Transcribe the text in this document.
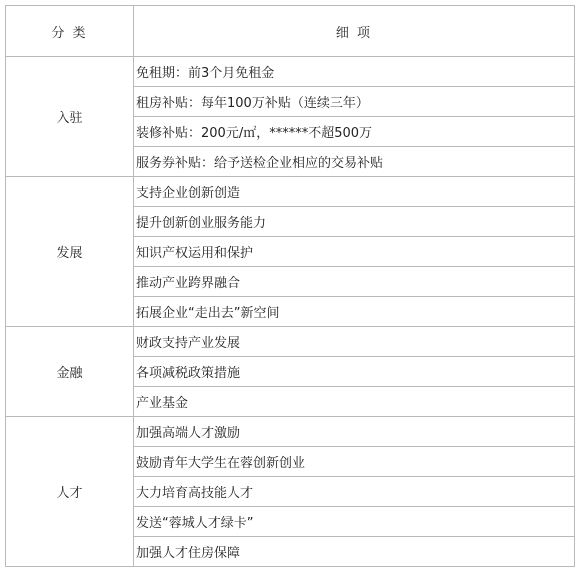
分 类	细 项
入驻	免租期：前3个月免租金
	租房补贴：每年100万补贴（连续三年）
	装修补贴：200元/㎡，******不超500万
	服务券补贴：给予送检企业相应的交易补贴
发展	支持企业创新创造
	提升创新创业服务能力
	知识产权运用和保护
	推动产业跨界融合
	拓展企业“走出去”新空间
金融	财政支持产业发展
	各项减税政策措施
	产业基金
人才	加强高端人才激励
	鼓励青年大学生在蓉创新创业
	大力培育高技能人才
	发送“蓉城人才绿卡”
	加强人才住房保障
